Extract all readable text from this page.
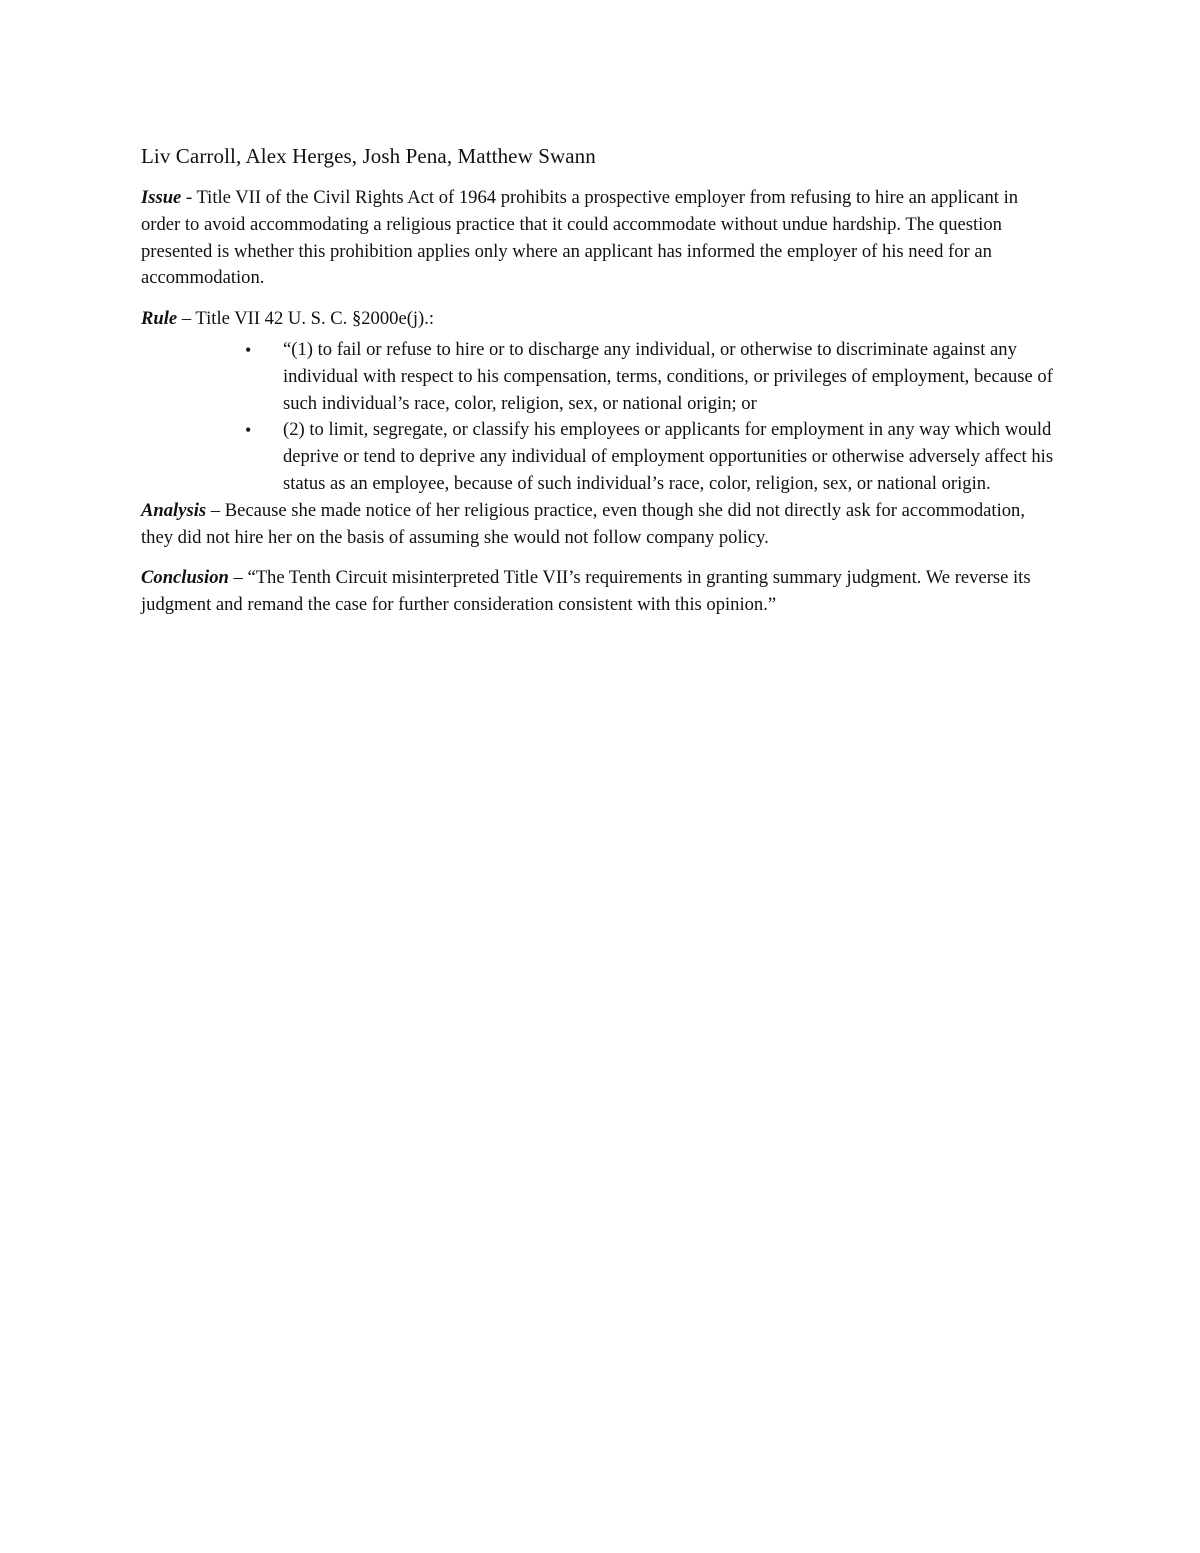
Liv Carroll, Alex Herges, Josh Pena, Matthew Swann

Issue - Title VII of the Civil Rights Act of 1964 prohibits a prospective employer from refusing to hire an applicant in order to avoid accommodating a religious practice that it could accommodate without undue hardship. The question presented is whether this prohibition applies only where an applicant has informed the employer of his need for an accommodation.

Rule – Title VII 42 U. S. C. §2000e(j).:

• “(1) to fail or refuse to hire or to discharge any individual, or otherwise to discriminate against any individual with respect to his compensation, terms, conditions, or privileges of employment, because of such individual’s race, color, religion, sex, or national origin; or
• (2) to limit, segregate, or classify his employees or applicants for employment in any way which would deprive or tend to deprive any individual of employment opportunities or otherwise adversely affect his status as an employee, because of such individual’s race, color, religion, sex, or national origin.

Analysis – Because she made notice of her religious practice, even though she did not directly ask for accommodation, they did not hire her on the basis of assuming she would not follow company policy.

Conclusion – “The Tenth Circuit misinterpreted Title VII’s requirements in granting summary judgment. We reverse its judgment and remand the case for further consideration consistent with this opinion.”
